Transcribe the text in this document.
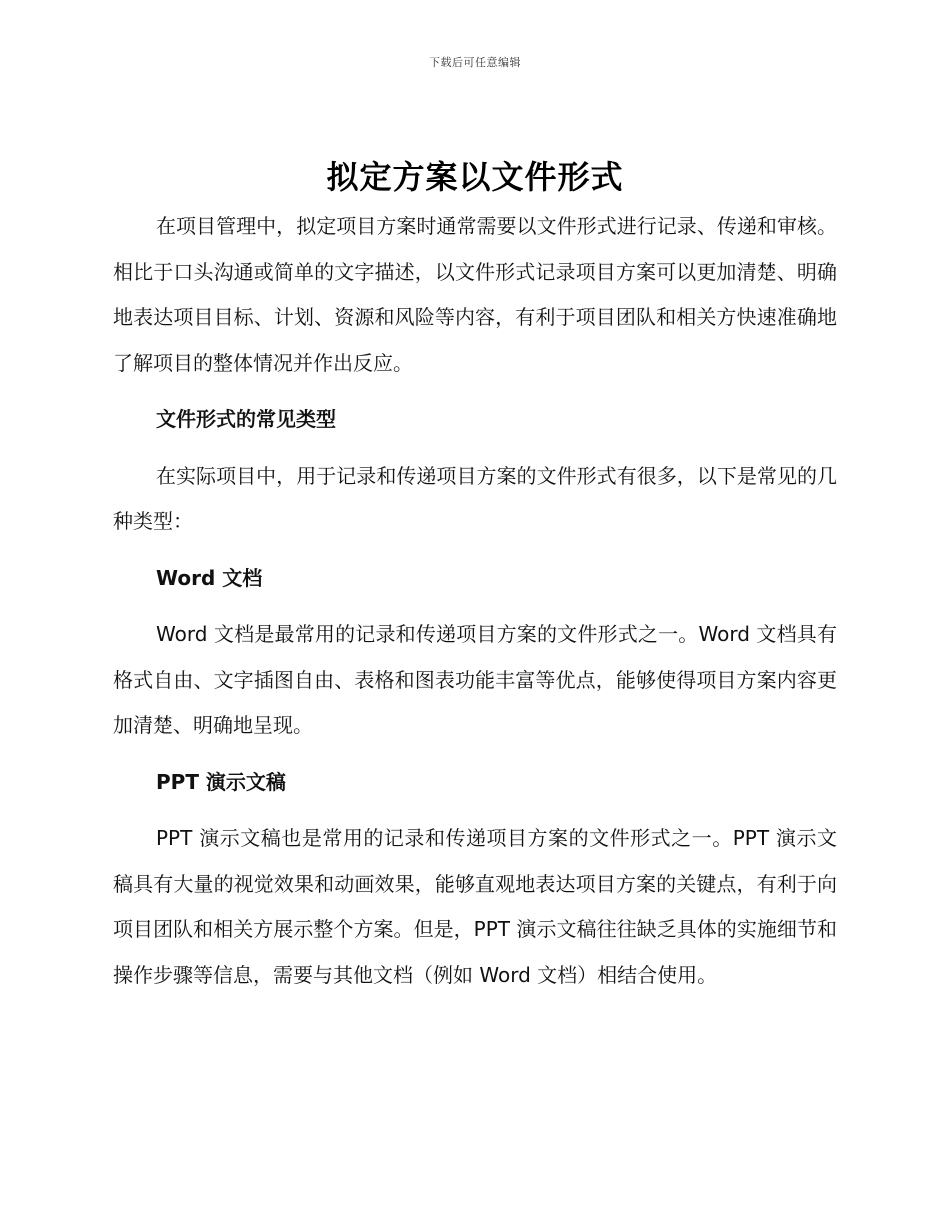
下载后可任意编辑
拟定方案以文件形式

在项目管理中，拟定项目方案时通常需要以文件形式进行记录、传递和审核。相比于口头沟通或简单的文字描述，以文件形式记录项目方案可以更加清楚、明确地表达项目目标、计划、资源和风险等内容，有利于项目团队和相关方快速准确地了解项目的整体情况并作出反应。

文件形式的常见类型

在实际项目中，用于记录和传递项目方案的文件形式有很多，以下是常见的几种类型：

Word 文档

Word 文档是最常用的记录和传递项目方案的文件形式之一。Word 文档具有格式自由、文字插图自由、表格和图表功能丰富等优点，能够使得项目方案内容更加清楚、明确地呈现。

PPT 演示文稿

PPT 演示文稿也是常用的记录和传递项目方案的文件形式之一。PPT 演示文稿具有大量的视觉效果和动画效果，能够直观地表达项目方案的关键点，有利于向项目团队和相关方展示整个方案。但是，PPT 演示文稿往往缺乏具体的实施细节和操作步骤等信息，需要与其他文档（例如 Word 文档）相结合使用。
